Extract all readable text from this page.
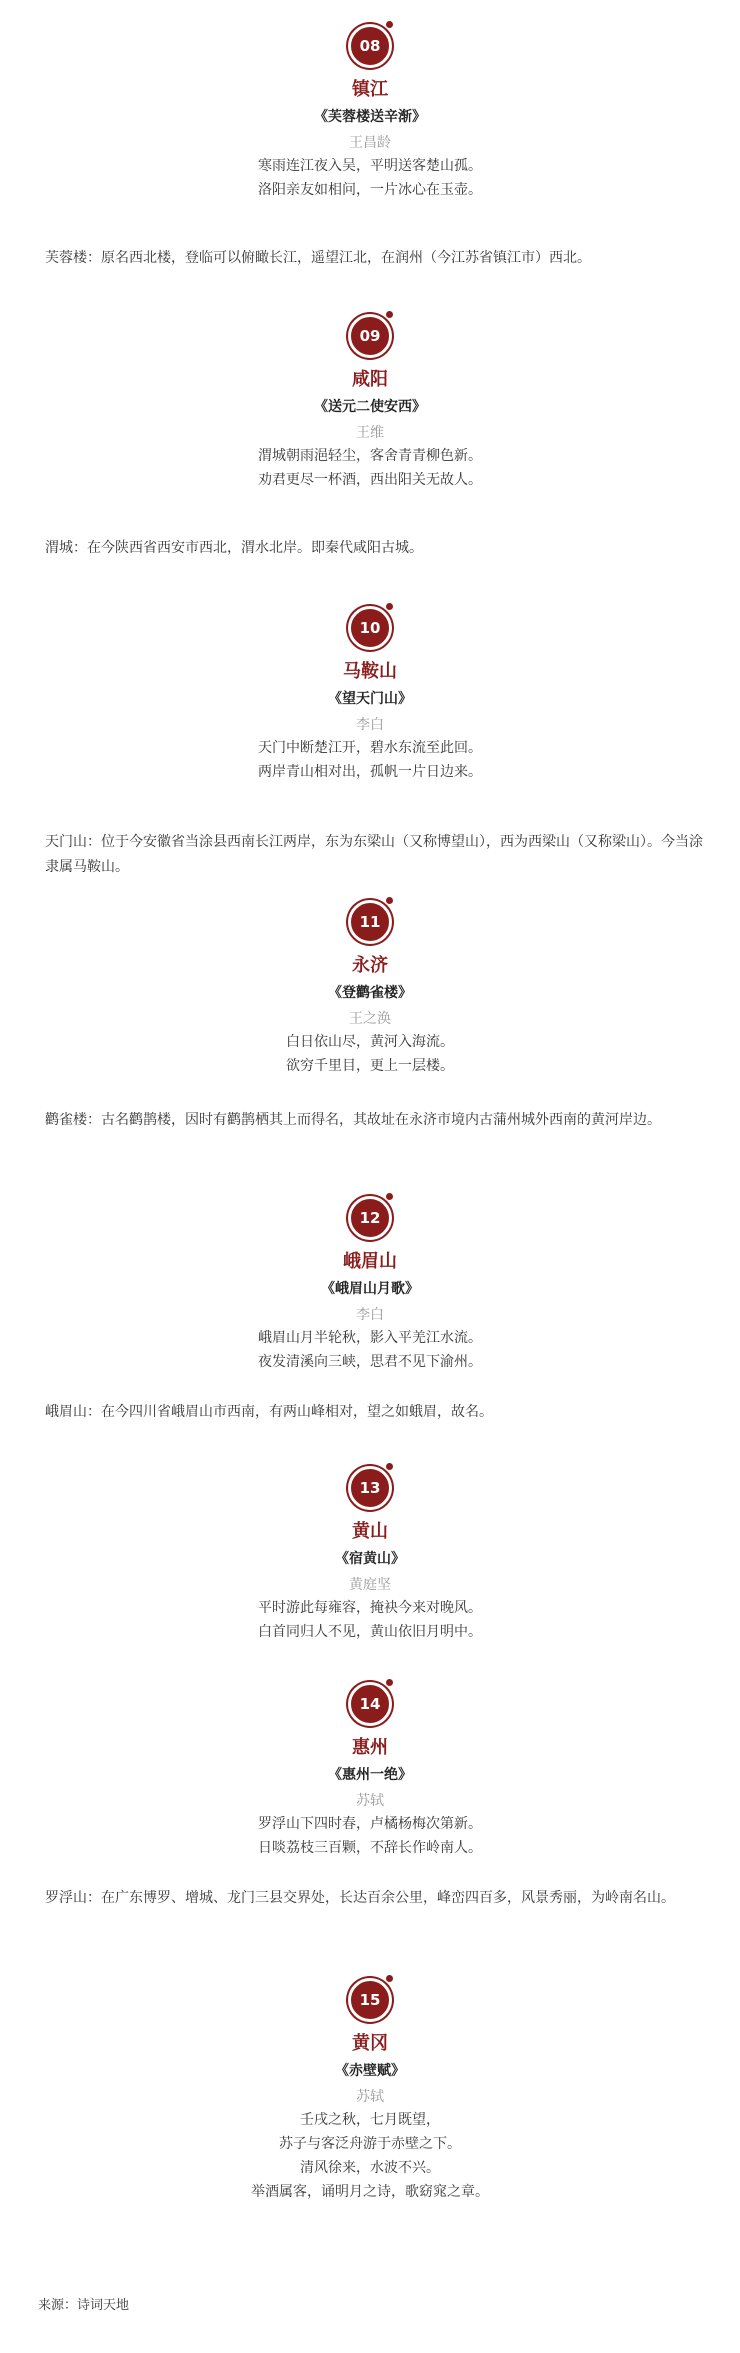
08
镇江
《芙蓉楼送辛渐》
王昌龄
寒雨连江夜入吴，平明送客楚山孤。
洛阳亲友如相问，一片冰心在玉壶。
芙蓉楼：原名西北楼，登临可以俯瞰长江，遥望江北，在润州（今江苏省镇江市）西北。
09
咸阳
《送元二使安西》
王维
渭城朝雨浥轻尘，客舍青青柳色新。
劝君更尽一杯酒，西出阳关无故人。
渭城：在今陕西省西安市西北，渭水北岸。即秦代咸阳古城。
10
马鞍山
《望天门山》
李白
天门中断楚江开，碧水东流至此回。
两岸青山相对出，孤帆一片日边来。
天门山：位于今安徽省当涂县西南长江两岸，东为东梁山（又称博望山），西为西梁山（又称梁山）。今当涂隶属马鞍山。
11
永济
《登鹳雀楼》
王之涣
白日依山尽，黄河入海流。
欲穷千里目，更上一层楼。
鹳雀楼：古名鹳鹊楼，因时有鹳鹊栖其上而得名，其故址在永济市境内古蒲州城外西南的黄河岸边。
12
峨眉山
《峨眉山月歌》
李白
峨眉山月半轮秋，影入平羌江水流。
夜发清溪向三峡，思君不见下渝州。
峨眉山：在今四川省峨眉山市西南，有两山峰相对，望之如蛾眉，故名。
13
黄山
《宿黄山》
黄庭坚
平时游此每雍容，掩袂今来对晚风。
白首同归人不见，黄山依旧月明中。
14
惠州
《惠州一绝》
苏轼
罗浮山下四时春，卢橘杨梅次第新。
日啖荔枝三百颗，不辞长作岭南人。
罗浮山：在广东博罗、增城、龙门三县交界处，长达百余公里，峰峦四百多，风景秀丽，为岭南名山。
15
黄冈
《赤壁赋》
苏轼
壬戌之秋，七月既望，
苏子与客泛舟游于赤壁之下。
清风徐来，水波不兴。
举酒属客，诵明月之诗，歌窈窕之章。
来源：诗词天地
